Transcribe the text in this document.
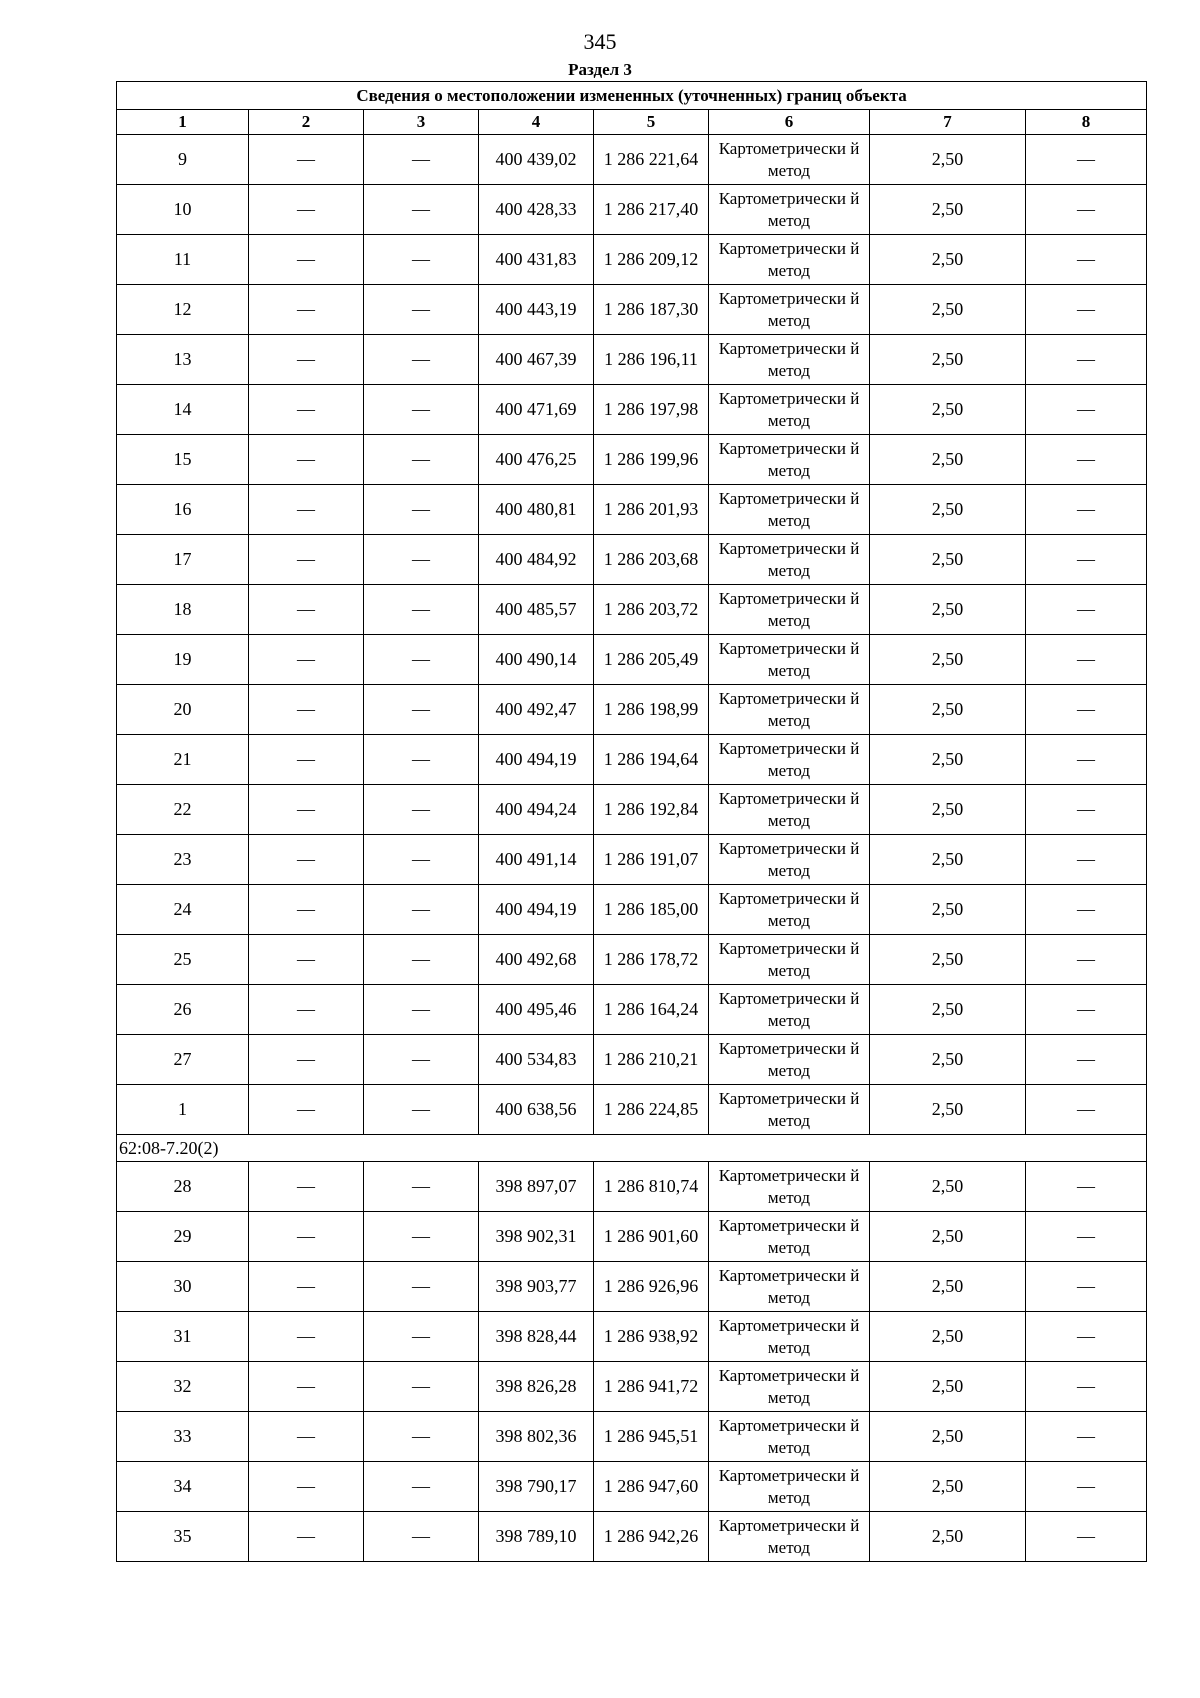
345
Раздел 3
Сведения о местоположении измененных (уточненных) границ объекта							
1	2	3	4	5	6	7	8
9	—	—	400 439,02	1 286 221,64	Картометрически й метод	2,50	—
10	—	—	400 428,33	1 286 217,40	Картометрически й метод	2,50	—
11	—	—	400 431,83	1 286 209,12	Картометрически й метод	2,50	—
12	—	—	400 443,19	1 286 187,30	Картометрически й метод	2,50	—
13	—	—	400 467,39	1 286 196,11	Картометрически й метод	2,50	—
14	—	—	400 471,69	1 286 197,98	Картометрически й метод	2,50	—
15	—	—	400 476,25	1 286 199,96	Картометрически й метод	2,50	—
16	—	—	400 480,81	1 286 201,93	Картометрически й метод	2,50	—
17	—	—	400 484,92	1 286 203,68	Картометрически й метод	2,50	—
18	—	—	400 485,57	1 286 203,72	Картометрически й метод	2,50	—
19	—	—	400 490,14	1 286 205,49	Картометрически й метод	2,50	—
20	—	—	400 492,47	1 286 198,99	Картометрически й метод	2,50	—
21	—	—	400 494,19	1 286 194,64	Картометрически й метод	2,50	—
22	—	—	400 494,24	1 286 192,84	Картометрически й метод	2,50	—
23	—	—	400 491,14	1 286 191,07	Картометрически й метод	2,50	—
24	—	—	400 494,19	1 286 185,00	Картометрически й метод	2,50	—
25	—	—	400 492,68	1 286 178,72	Картометрически й метод	2,50	—
26	—	—	400 495,46	1 286 164,24	Картометрически й метод	2,50	—
27	—	—	400 534,83	1 286 210,21	Картометрически й метод	2,50	—
1	—	—	400 638,56	1 286 224,85	Картометрически й метод	2,50	—
62:08-7.20(2)							
28	—	—	398 897,07	1 286 810,74	Картометрически й метод	2,50	—
29	—	—	398 902,31	1 286 901,60	Картометрически й метод	2,50	—
30	—	—	398 903,77	1 286 926,96	Картометрически й метод	2,50	—
31	—	—	398 828,44	1 286 938,92	Картометрически й метод	2,50	—
32	—	—	398 826,28	1 286 941,72	Картометрически й метод	2,50	—
33	—	—	398 802,36	1 286 945,51	Картометрически й метод	2,50	—
34	—	—	398 790,17	1 286 947,60	Картометрически й метод	2,50	—
35	—	—	398 789,10	1 286 942,26	Картометрически й метод	2,50	—
